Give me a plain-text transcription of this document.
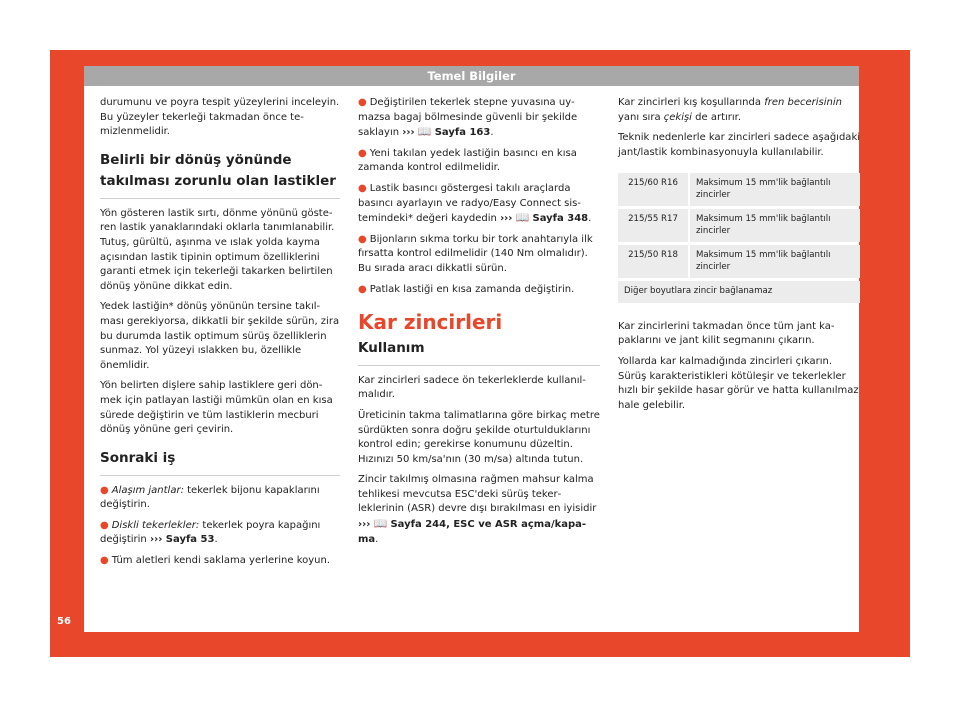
Temel Bilgiler
56

durumunu ve poyra tespit yüzeylerini inceleyin. Bu yüzeyler tekerleği takmadan önce temizlenmelidir.

Belirli bir dönüş yönünde takılması zorunlu olan lastikler

Yön gösteren lastik sırtı, dönme yönünü gösteren lastik yanaklarındaki oklarla tanımlanabilir. Tutuş, gürültü, aşınma ve ıslak yolda kayma açısından lastik tipinin optimum özelliklerini garanti etmek için tekerleği takarken belirtilen dönüş yönüne dikkat edin.

Yedek lastiğin* dönüş yönünün tersine takılması gerekiyorsa, dikkatli bir şekilde sürün, zira bu durumda lastik optimum sürüş özelliklerin sunmaz. Yol yüzeyi ıslakken bu, özellikle önemlidir.

Yön belirten dişlere sahip lastiklere geri dönmek için patlayan lastiği mümkün olan en kısa sürede değiştirin ve tüm lastiklerin mecburi dönüş yönüne geri çevirin.

Sonraki iş
● Alaşım jantlar: tekerlek bijonu kapaklarını değiştirin.
● Diskli tekerlekler: tekerlek poyra kapağını değiştirin ››› Sayfa 53.
● Tüm aletleri kendi saklama yerlerine koyun.
● Değiştirilen tekerlek stepne yuvasına uymazsa bagaj bölmesinde güvenli bir şekilde saklayın ››› 📖 Sayfa 163.
● Yeni takılan yedek lastiğin basıncı en kısa zamanda kontrol edilmelidir.
● Lastik basıncı göstergesi takılı araçlarda basıncı ayarlayın ve radyo/Easy Connect sistemindeki* değeri kaydedin ››› 📖 Sayfa 348.
● Bijonların sıkma torku bir tork anahtarıyla ilk fırsatta kontrol edilmelidir (140 Nm olmalıdır). Bu sırada aracı dikkatli sürün.
● Patlak lastiği en kısa zamanda değiştirin.
Kar zincirleri
Kullanım

Kar zincirleri sadece ön tekerleklerde kullanılmalıdır.

Üreticinin takma talimatlarına göre birkaç metre sürdükten sonra doğru şekilde oturtulduklarını kontrol edin; gerekirse konumunu düzeltin. Hızınızı 50 km/sa'nın (30 m/sa) altında tutun.

Zincir takılmış olmasına rağmen mahsur kalma tehlikesi mevcutsa ESC'deki sürüş tekerleklerinin (ASR) devre dışı bırakılması en iyisidir ››› 📖 Sayfa 244, ESC ve ASR açma/kapama.

Kar zincirleri kış koşullarında fren becerisinin yanı sıra çekişi de artırır.

Teknik nedenlerle kar zincirleri sadece aşağıdaki jant/lastik kombinasyonuyla kullanılabilir.

215/60 R16	Maksimum 15 mm'lik bağlantılı zincirler
215/55 R17	Maksimum 15 mm'lik bağlantılı zincirler
215/50 R18	Maksimum 15 mm'lik bağlantılı zincirler
Diğer boyutlara zincir bağlanamaz	

Kar zincirlerini takmadan önce tüm jant kapaklarını ve jant kilit segmanını çıkarın.

Yollarda kar kalmadığında zincirleri çıkarın. Sürüş karakteristikleri kötüleşir ve tekerlekler hızlı bir şekilde hasar görür ve hatta kullanılmaz hale gelebilir.
